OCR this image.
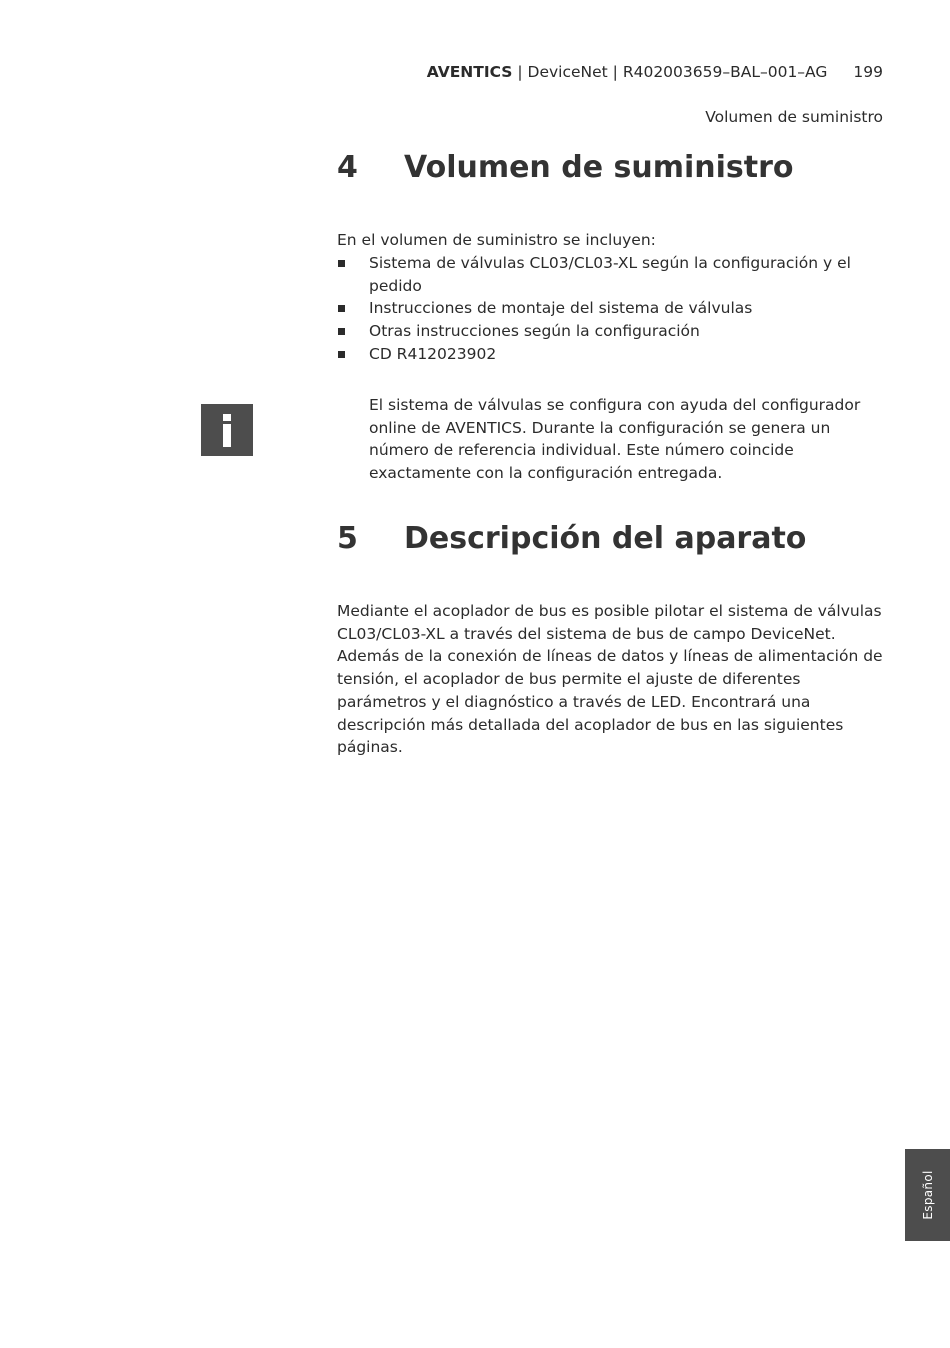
AVENTICS | DeviceNet | R402003659–BAL–001–AG 199
Volumen de suministro
4 Volumen de suministro

En el volumen de suministro se incluyen:

Sistema de válvulas CL03/CL03-XL según la configuración y el pedido
Instrucciones de montaje del sistema de válvulas
Otras instrucciones según la configuración
CD R412023902

El sistema de válvulas se configura con ayuda del configurador online de AVENTICS. Durante la configuración se genera un número de referencia individual. Este número coincide exactamente con la configuración entregada.

5 Descripción del aparato

Mediante el acoplador de bus es posible pilotar el sistema de válvulas CL03/CL03-XL a través del sistema de bus de campo DeviceNet. Además de la conexión de líneas de datos y líneas de alimentación de tensión, el acoplador de bus permite el ajuste de diferentes parámetros y el diagnóstico a través de LED. Encontrará una descripción más detallada del acoplador de bus en las siguientes páginas.

Español
